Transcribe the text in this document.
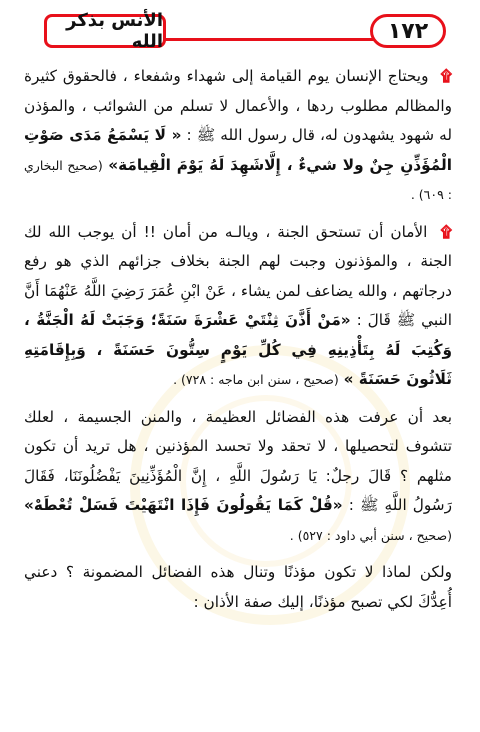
الأنس بذكر الله	١٧٢

۩ ويحتاج الإنسان يوم القيامة إلى شهداء وشفعاء ، فالحقوق كثيرة والمظالم مطلوب ردها ، والأعمال لا تسلم من الشوائب ، والمؤذن له شهود يشهدون له، قال رسول الله ﷺ : « لَا يَسْمَعُ مَدَى صَوْتِ الْمُؤَذِّنِ جِنٌ ولا شيءٌ ، إِلَّاشَهِدَ لَهُ يَوْمَ الْقِيامَة» (صحيح البخاري : ٦٠٩) .

۩ الأمان أن تستحق الجنة ، ويالـه من أمان !! أن يوجب الله لك الجنة ، والمؤذنون وجبت لهم الجنة بخلاف جزائهم الذي هو رفع درجاتهم ، والله يضاعف لمن يشاء ، عَنْ ابْنِ عُمَرَ رَضِيَ اللَّهُ عَنْهُمَا أَنَّ النبي ﷺ قَالَ : «مَنْ أَذَّنَ ثِنْتَيْ عَشْرَةَ سَنَةً؛ وَجَبَتْ لَهُ الْجَنَّةُ ، وَكُتِبَ لَهُ بِتَأْذِينِهِ فِي كُلِّ يَوْمٍ سِتُّونَ حَسَنَةً ، وَبِإِقَامَتِهِ ثَلَاثُونَ حَسَنَةً » (صحيح ، سنن ابن ماجه : ٧٢٨) .

بعد أن عرفت هذه الفضائل العظيمة ، والمنن الجسيمة ، لعلك تتشوف لتحصيلها ، لا تحقد ولا تحسد المؤذنين ، هل تريد أن تكون مثلهم ؟ قَالَ رجلٌ: يَا رَسُولَ اللَّهِ ، إِنَّ الْمُؤَذِّنِينَ يَفْضُلُونَنَا، فَقَالَ رَسُولُ اللَّهِ ﷺ : «قُلْ كَمَا يَقُولُونَ فَإِذَا انْتَهَيْتَ فَسَلْ تُعْطَهْ» (صحيح ، سنن أبي داود : ٥٢٧) .

ولكن لماذا لا تكون مؤذنًا وتنال هذه الفضائل المضمونة ؟ دعني أُعِدُّكَ لكي تصبح مؤذنًا، إليك صفة الأذان :
